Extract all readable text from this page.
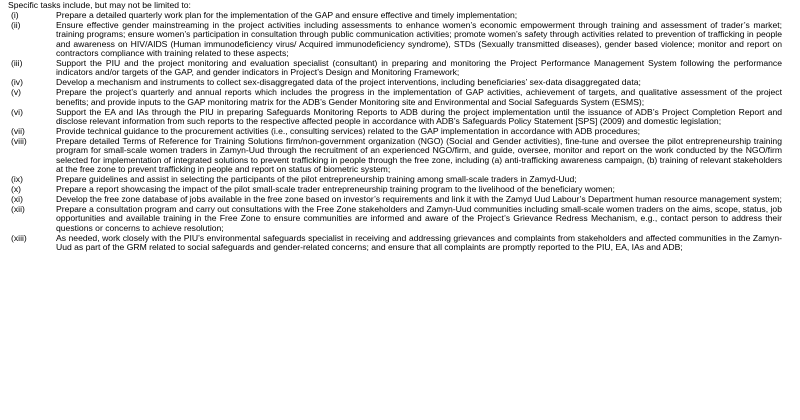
Specific tasks include, but may not be limited to:
(i)	Prepare a detailed quarterly work plan for the implementation of the GAP and ensure effective and timely implementation;
(ii)	Ensure effective gender mainstreaming in the project activities including assessments to enhance women’s economic empowerment through training and assessment of trader’s market; training programs; ensure women’s participation in consultation through public communication activities; promote women’s safety through activities related to prevention of trafficking in people and awareness on HIV/AIDS (Human immunodeficiency virus/ Acquired immunodeficiency syndrome), STDs (Sexually transmitted diseases), gender based violence; monitor and report on contractors compliance with training related to these aspects;
(iii)	Support the PIU and the project monitoring and evaluation specialist (consultant) in preparing and monitoring the Project Performance Management System following the performance indicators and/or targets of the GAP, and gender indicators in Project’s Design and Monitoring Framework;
(iv)	Develop a mechanism and instruments to collect sex-disaggregated data of the project interventions, including beneficiaries’ sex-data disaggregated data;
(v)	Prepare the project’s quarterly and annual reports which includes the progress in the implementation of GAP activities, achievement of targets, and qualitative assessment of the project benefits; and provide inputs to the GAP monitoring matrix for the ADB’s Gender Monitoring site and Environmental and Social Safeguards System (ESMS);
(vi)	Support the EA and IAs through the PIU in preparing Safeguards Monitoring Reports to ADB during the project implementation until the issuance of ADB’s Project Completion Report and disclose relevant information from such reports to the respective affected people in accordance with ADB’s Safeguards Policy Statement [SPS] (2009) and domestic legislation;
(vii)	Provide technical guidance to the procurement activities (i.e., consulting services) related to the GAP implementation in accordance with ADB procedures;
(viii)	Prepare detailed Terms of Reference for Training Solutions firm/non-government organization (NGO) (Social and Gender activities), fine-tune and oversee the pilot entrepreneurship training program for small-scale women traders in Zamyn-Uud through the recruitment of an experienced NGO/firm, and guide, oversee, monitor and report on the work conducted by the NGO/firm selected for implementation of integrated solutions to prevent trafficking in people through the free zone, including (a) anti-trafficking awareness campaign, (b) training of relevant stakeholders at the free zone to prevent trafficking in people and report on status of biometric system;
(ix)	Prepare guidelines and assist in selecting the participants of the pilot entrepreneurship training among small-scale traders in Zamyd-Uud;
(x)	Prepare a report showcasing the impact of the pilot small-scale trader entrepreneurship training program to the livelihood of the beneficiary women;
(xi)	Develop the free zone database of jobs available in the free zone based on investor’s requirements and link it with the Zamyd Uud Labour’s Department human resource management system;
(xii)	Prepare a consultation program and carry out consultations with the Free Zone stakeholders and Zamyn-Uud communities including small-scale women traders on the aims, scope, status, job opportunities and available training in the Free Zone to ensure communities are informed and aware of the Project’s Grievance Redress Mechanism, e.g., contact person to address their questions or concerns to achieve resolution;
(xiii)	As needed, work closely with the PIU’s environmental safeguards specialist in receiving and addressing grievances and complaints from stakeholders and affected communities in the Zamyn-Uud as part of the GRM related to social safeguards and gender-related concerns; and ensure that all complaints are promptly reported to the PIU, EA, IAs and ADB;
